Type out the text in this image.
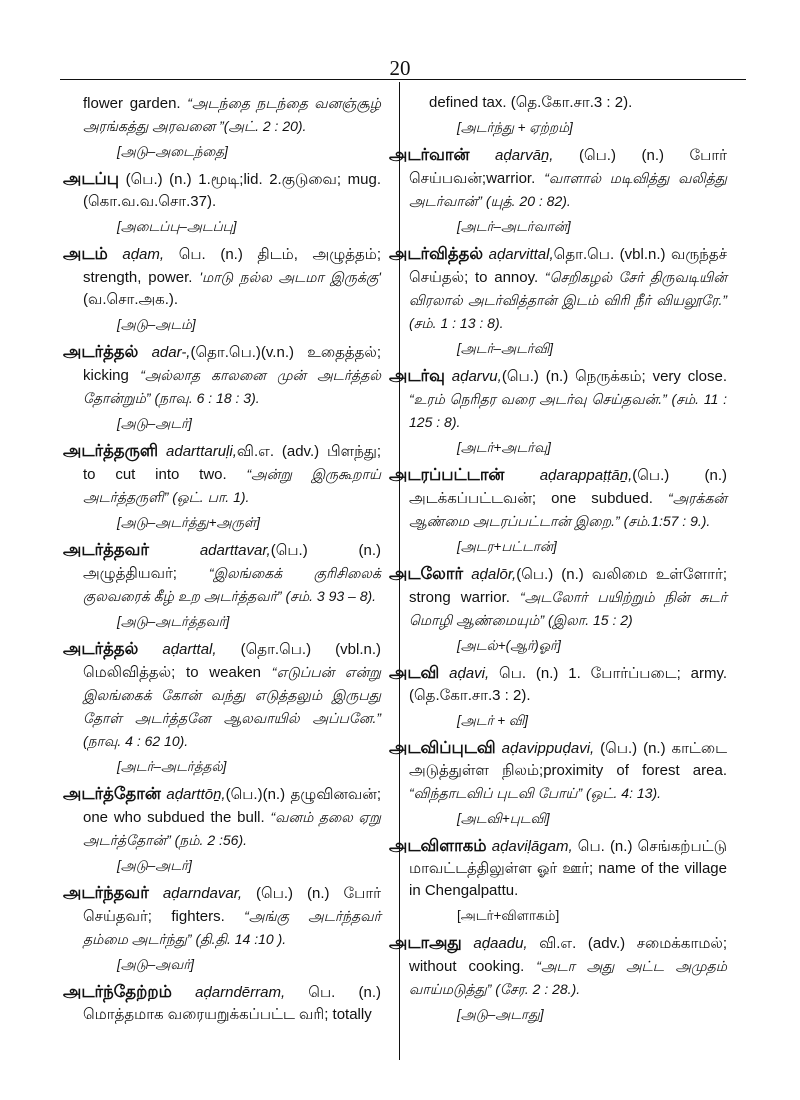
20
flower garden. “அடந்தை நடந்தை வனஞ்சூழ் அரங்கத்து அரவனை ”(அட். 2 : 20).
[அடு–அடைந்தை]
அடப்பு (பெ.) (n.) 1.மூடி;lid. 2.குடுவை; mug.(கொ.வ.வ.சொ.37).
[அடைப்பு–அடப்பு]
அடம் aḍam, பெ. (n.) திடம், அழுத்தம்; strength, power. 'மாடு நல்ல அடமா இருக்கு' (வ.சொ.அக.).
[அடு–அடம்]
அடர்த்தல் adar-,(தொ.பெ.)(v.n.) உதைத்தல்; kicking “அல்லாத காலனை முன் அடர்த்தல் தோன்றும்” (நாவு. 6 : 18 : 3).
[அடு–அடர்]
அடர்த்தருளி adarttaruḷi,வி.எ. (adv.) பிளந்து; to cut into two. “அன்று இருகூறாய் அடர்த்தருளி” (ஒட். பா. 1).
[அடு–அடர்த்து+அருள்]
அடர்த்தவர்	adarttavar,(பெ.) (n.) அழுத்தியவர்; “இலங்கைக் குரிசிலைக் குலவரைக் கீழ் உற அடர்த்தவர்” (சம். 3 93 – 8).
[அடு–அடர்த்தவர்]
அடர்த்தல் aḍarttal, (தொ.பெ.) (vbl.n.) மெலிவித்தல்; to weaken “எடுப்பன் என்று இலங்கைக் கோன் வந்து எடுத்தலும் இருபது தோள் அடர்த்தனே ஆலவாயில் அப்பனே.” (நாவு. 4 : 62 10).
[அடர்–அடர்த்தல்]
அடர்த்தோன் aḍarttōṉ,(பெ.)(n.) தழுவினவன்; one who subdued the bull. “வனம் தலை ஏறு அடர்த்தோன்” (நம். 2 :56).
[அடு–அடர்]
அடர்ந்தவர் aḍarndavar, (பெ.) (n.) போர் செய்தவர்; fighters. “அங்கு அடர்ந்தவர் தம்மை அடர்ந்து” (தி.தி. 14 :10 ).
[அடு–அவர்]
அடர்ந்தேற்றம் aḍarndērram, பெ. (n.) மொத்தமாக வரையறுக்கப்பட்ட வரி; totally
defined tax. (தெ.கோ.சா.3 : 2).
[அடர்ந்து + ஏற்றம்]
அடர்வான் aḍarvāṉ, (பெ.) (n.) போர் செய்பவன்;warrior. “வாளால் மடிவித்து வலித்து அடர்வான்” (யுத். 20 : 82).
[அடர்–அடர்வான்]
அடர்வித்தல் aḍarvittal,தொ.பெ. (vbl.n.) வருந்தச் செய்தல்; to annoy. “செறிகழல் சேர் திருவடியின் விரலால் அடர்வித்தான் இடம் விரி நீர் வியலூரே.” (சம். 1 : 13 : 8).
[அடர்–அடர்வி]
அடர்வு aḍarvu,(பெ.) (n.) நெருக்கம்; very close. “உரம் நெரிதர வரை அடர்வு செய்தவன்.” (சம். 11 : 125 : 8).
[அடர்+அடர்வு]
அடரப்பட்டான் aḍarappaṭṭāṉ,(பெ.) (n.) அடக்கப்பட்டவன்; one subdued. “அரக்கன் ஆண்மை அடரப்பட்டான் இறை.” (சம்.1:57 : 9.).
[அடர+பட்டான்]
அடலோர் aḍalōr,(பெ.) (n.) வலிமை உள்ளோர்; strong warrior. “அடலோர் பயிற்றும் நின் சுடர் மொழி ஆண்மையும்” (இலா. 15 : 2)
[அடல்+(ஆர்)ஓர்]
அடவி aḍavi, பெ. (n.) 1. போர்ப்படை; army. (தெ.கோ.சா.3 : 2).
[அடர் + வி]
அடவிப்புடவி aḍavippuḍavi, (பெ.) (n.) காட்டை அடுத்துள்ள நிலம்;proximity of forest area. “விந்தாடவிப் புடவி போய்” (ஒட். 4: 13).
[அடவி+புடவி]
அடவிளாகம் aḍaviḷāgam, பெ. (n.) செங்கற்பட்டு மாவட்டத்திலுள்ள ஓர் ஊர்; name of the village in Chengalpattu.
[அடர்+விளாகம்]
அடாஅது aḍaadu, வி.எ. (adv.) சமைக்காமல்; without cooking. “அடா அது அட்ட அமுதம் வாய்மடுத்து” (சேர. 2 : 28.).
[அடு–அடாது]
